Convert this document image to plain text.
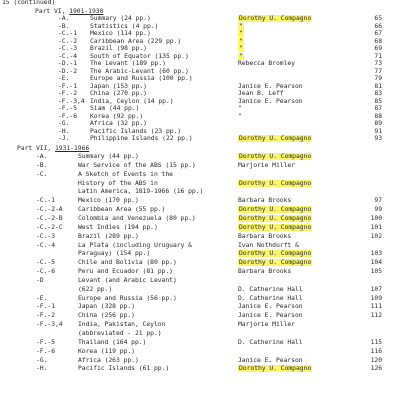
15 (continued)
Part VI, 1901-1930
-A.	Summary (24 pp.)	Dorothy U. Compagno	65
-B.	Statistics (4 pp.)	"	66
-C.-1 Mexico (114 pp.)	"	67
-C.-2 Caribbean Area (229 pp.)	"	68
-C.-3 Brazil (98 pp.)	"	69
-C.-4 South of Equator (135 pp.)	"	71
-D.-1 The Levant (189 pp.)	Rebecca Bromley	73
-D.-2 The Arabic-Levant (60 pp.)	77
-E.	Europe and Russia (100 pp.)	79
-F.-1 Japan (153 pp.)	Janice E. Pearson	81
-F.-2 China (270 pp.)	Jean B. Leff	83
-F.-3,4 India, Ceylon (14 pp.)	Janice E. Pearson	85
-F.-5 Siam (44 pp.)	"	87
-F.-6 Korea (92 pp.)	"	88
-G.	Africa (32 pp.)	89
-H.	Pacific Islands (23 pp.)	91
-J.	Philippine Islands (22 pp.)	Dorothy U. Compagno	93
Part VII, 1931-1966
-A.	Summary (44 pp.)	Dorothy U. Compagno
-B.	War Service of the ABS (15 pp.)	Marjorie Miller
-C.	A Sketch of Events in the
History of the ABS in	Dorothy U. Compagno
Latin America, 1819-1966 (16 pp.)
-C.-1	Mexico (170 pp.)	Barbara Brooks	97
-C.-2-A Caribbean Area (55 pp.)	Dorothy U. Compagno	99
-C.-2-B Colombia and Venezuela (80 pp.)	Dorothy U. Compagno	100
-C.-2-C West Indies (194 pp.)	Dorothy U. Compagno	101
-C.-3	Brazil (289 pp.)	Barbara Brooks	102
-C.-4	La Plata (including Uruguary &	Ivan Nothdurft &
Paraguay) (154 pp.)	Dorothy U. Compagno	103
-C.-5	Chile and Bolivia (80 pp.)	Dorothy U. Compagno	104
-C.-6	Peru and Ecuador (81 pp.)	Barbara Brooks	105
-D	Levant (and Arabic Levant)
(622 pp.)	D. Catherine Hall	107
-E.	Europe and Russia (56 pp.)	D. Catherine Hall	109
-F.-1	Japan (328 pp.)	Janice E. Pearson	111
-F.-2	China (256 pp.)	Janice E. Pearson	112
-F.-3,4 India, Pakistan, Ceylon	Marjorie Miller
(abbreviated - 21 pp.)
-F.-5	Thailand (164 pp.)	D. Catherine Hall	115
-F.-6	Korea (119 pp.)	116
-G.	Africa (263 pp.)	Janice E. Pearson	120
-H.	Pacific Islands (61 pp.)	Dorothy U. Compagno	126
